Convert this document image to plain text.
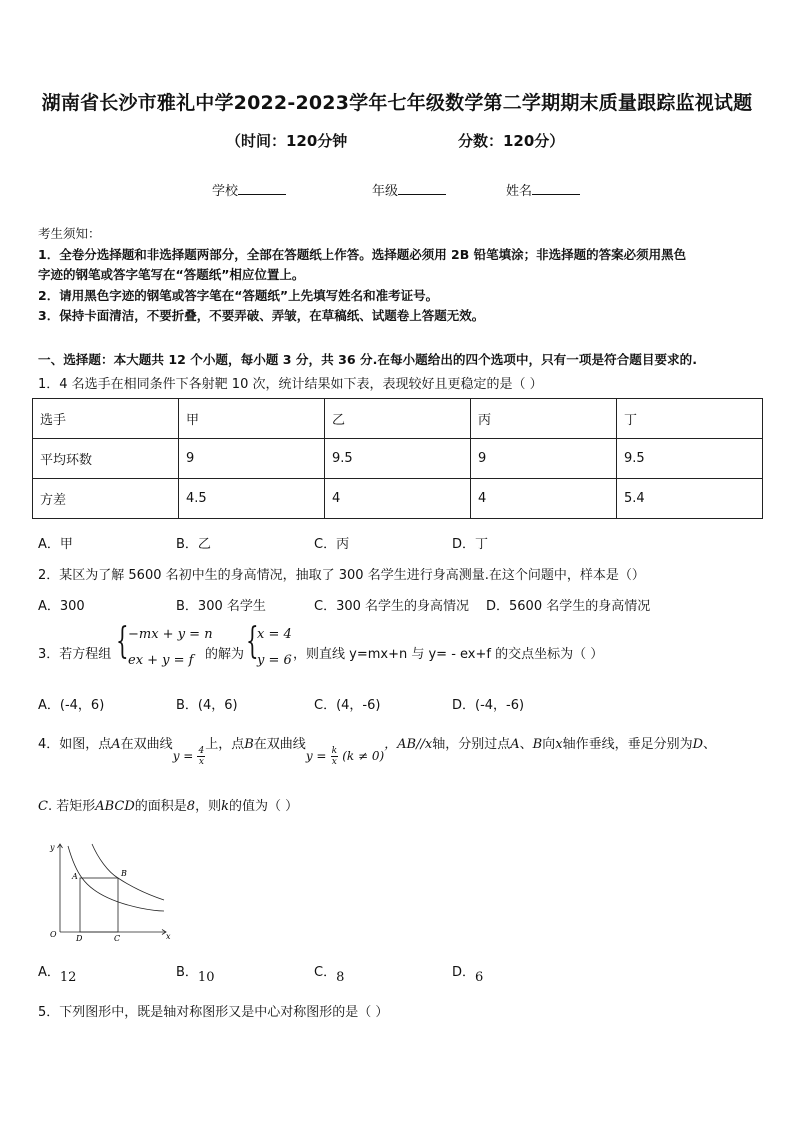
湖南省长沙市雅礼中学2022-2023学年七年级数学第二学期期末质量跟踪监视试题
（时间：120分钟	分数：120分）
学校	年级	姓名
考生须知：
1．全卷分选择题和非选择题两部分，全部在答题纸上作答。选择题必须用 2B 铅笔填涂；非选择题的答案必须用黑色
字迹的钢笔或答字笔写在“答题纸”相应位置上。
2．请用黑色字迹的钢笔或答字笔在“答题纸”上先填写姓名和准考证号。
3．保持卡面清洁，不要折叠，不要弄破、弄皱，在草稿纸、试题卷上答题无效。
一、选择题：本大题共 12 个小题，每小题 3 分，共 36 分.在每小题给出的四个选项中，只有一项是符合题目要求的.
1．4 名选手在相同条件下各射靶 10 次，统计结果如下表，表现较好且更稳定的是（ ）
选手	甲	乙	丙	丁
平均环数	9	9.5	9	9.5
方差	4.5	4	4	5.4
A．甲	B．乙	C．丙	D．丁
2．某区为了解 5600 名初中生的身高情况，抽取了 300 名学生进行身高测量.在这个问题中，样本是（）
A．300	B．300 名学生	C．300 名学生的身高情况 D．5600 名学生的身高情况
3．若方程组 { −mx + y = n
ex + y = f 的解为 {
x = 4
y = 6 ，则直线 y=mx+n 与 y= - ex+f 的交点坐标为（ ）
A．(-4，6)	B．(4，6)	C．(4，-6)	D．(-4，-6)
4．如图，点A在双曲线$y = \frac{4}{x}$
上，点B在双曲线$y = \frac{k}{x} (k \ne 0)$，AB//x轴，分别过点A、B向x轴作垂线，垂足分别为D、
C. 若矩形ABCD的面积是8，则k的值为（ ）
x
y
O
A	B
D	C
A．12	B．10	C．8	D．6
5．下列图形中，既是轴对称图形又是中心对称图形的是（ ）
